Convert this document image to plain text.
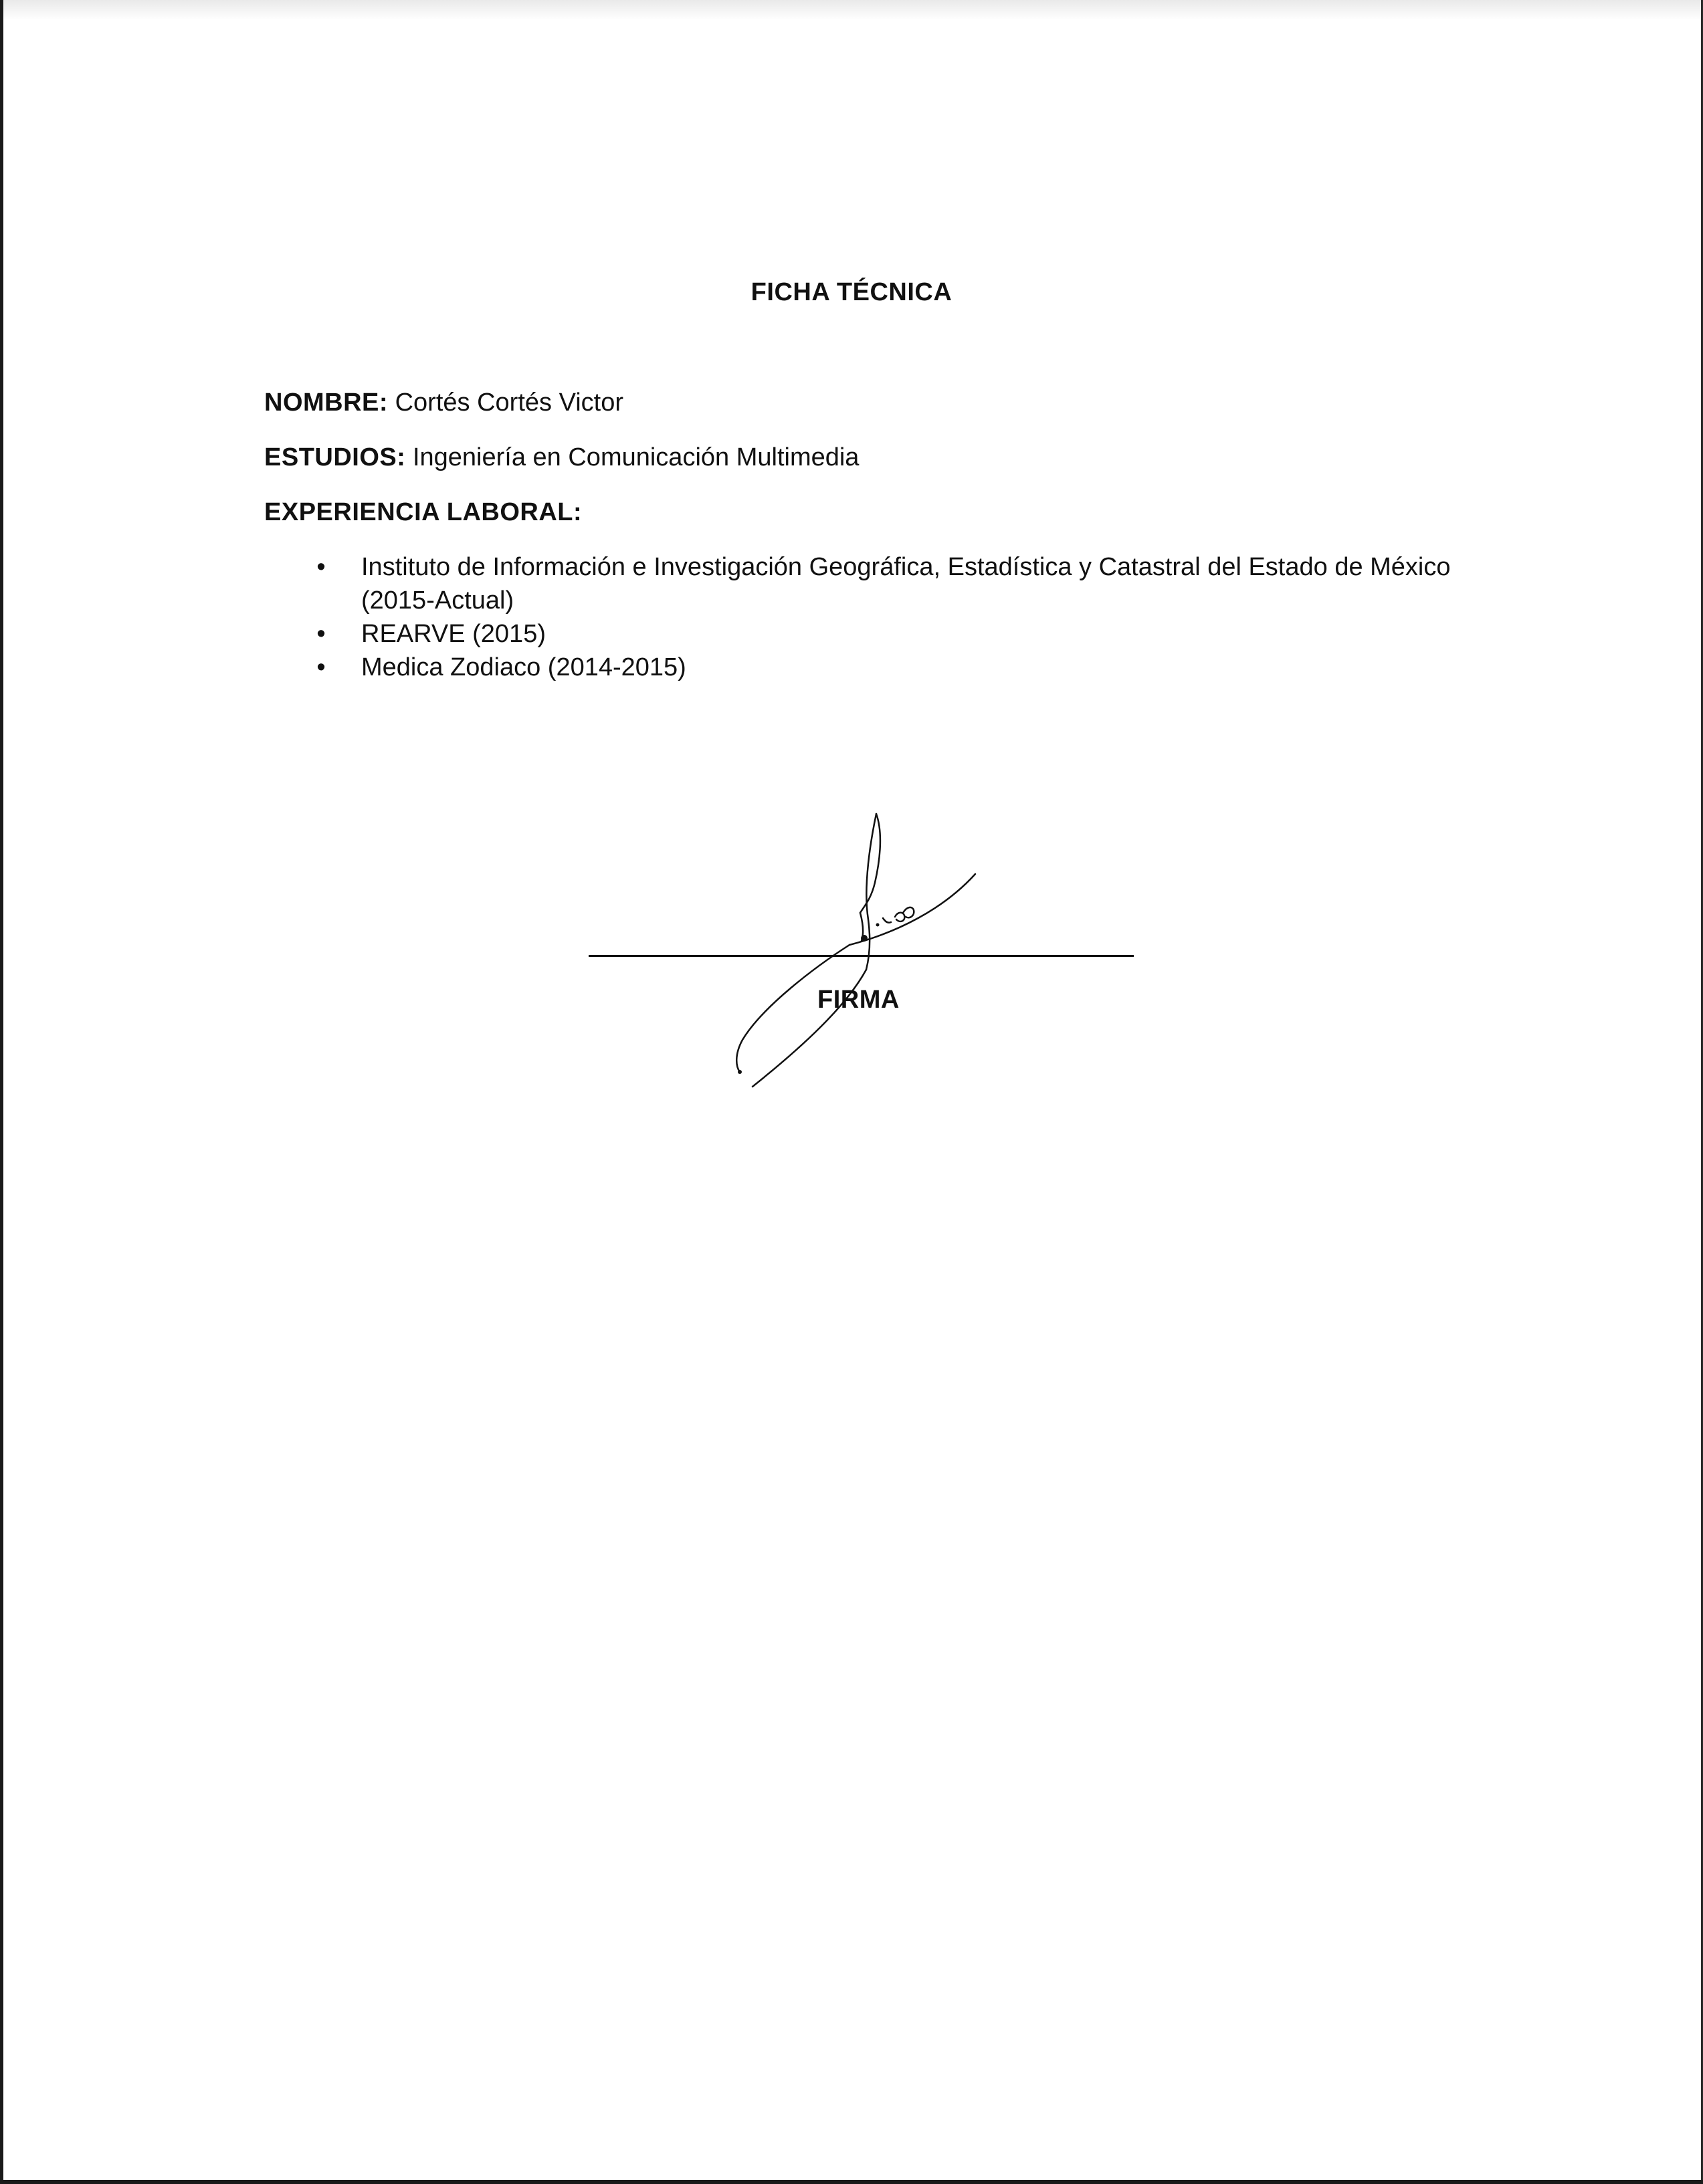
FICHA TÉCNICA
NOMBRE: Cortés Cortés Victor
ESTUDIOS: Ingeniería en Comunicación Multimedia
EXPERIENCIA LABORAL:
• Instituto de Información e Investigación Geográfica, Estadística y Catastral del Estado de México (2015-Actual)
• REARVE (2015)
• Medica Zodiaco (2014-2015)
FIRMA
